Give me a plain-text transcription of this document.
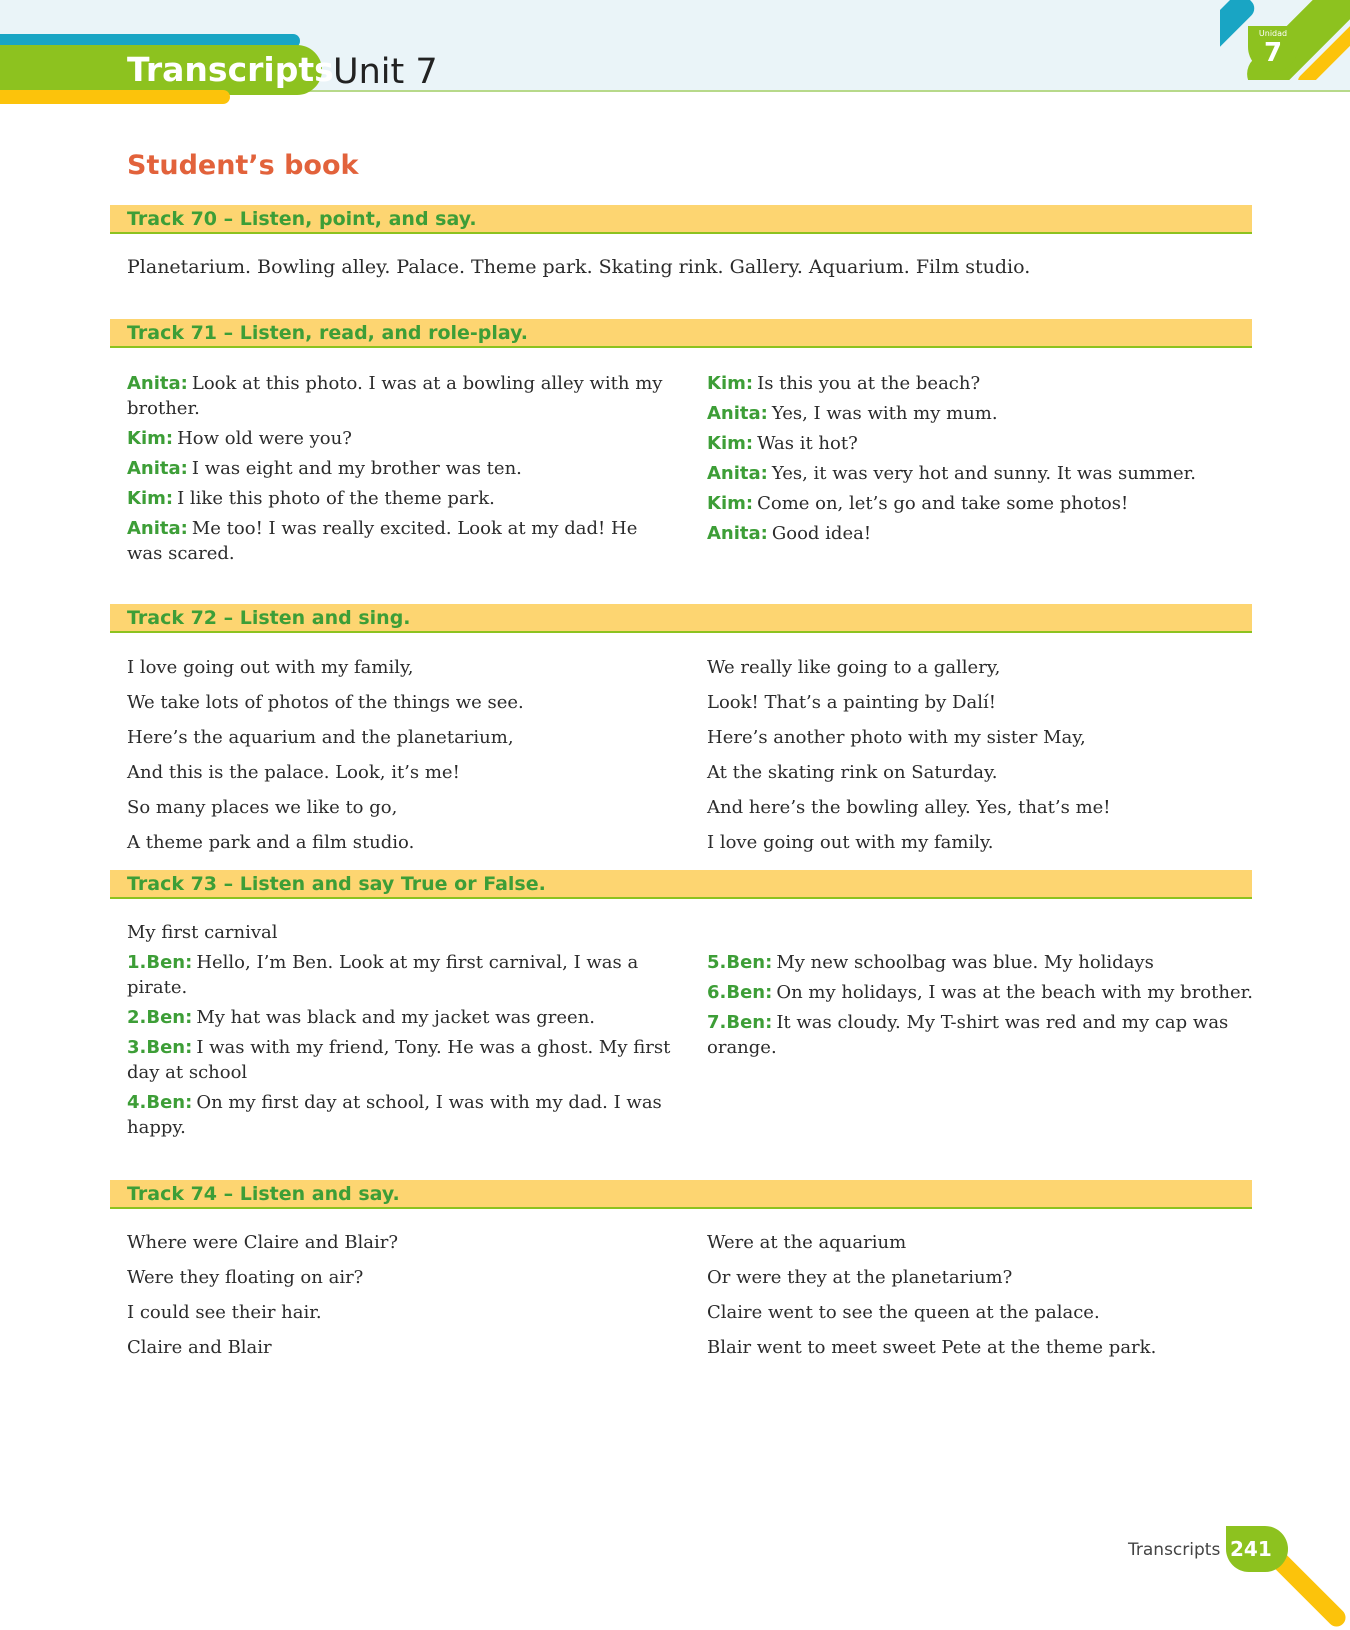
Transcripts Unit 7
Unidad
7
Student’s book
Track 70 – Listen, point, and say.
Planetarium. Bowling alley. Palace. Theme park. Skating rink. Gallery. Aquarium. Film studio.
Track 71 – Listen, read, and role-play.

Anita: Look at this photo. I was at a bowling alley with my brother.

Kim: How old were you?

Anita: I was eight and my brother was ten.

Kim: I like this photo of the theme park.

Anita: Me too! I was really excited. Look at my dad! He was scared.

Kim: Is this you at the beach?

Anita: Yes, I was with my mum.

Kim: Was it hot?

Anita: Yes, it was very hot and sunny. It was summer.

Kim: Come on, let’s go and take some photos!

Anita: Good idea!

Track 72 – Listen and sing.

I love going out with my family,

We take lots of photos of the things we see.

Here’s the aquarium and the planetarium,

And this is the palace. Look, it’s me!

So many places we like to go,

A theme park and a film studio.

We really like going to a gallery,

Look! That’s a painting by Dalí!

Here’s another photo with my sister May,

At the skating rink on Saturday.

And here’s the bowling alley. Yes, that’s me!

I love going out with my family.

Track 73 – Listen and say True or False.

My first carnival

1.Ben: Hello, I’m Ben. Look at my first carnival, I was a pirate.

2.Ben: My hat was black and my jacket was green.

3.Ben: I was with my friend, Tony. He was a ghost. My first day at school

4.Ben: On my first day at school, I was with my dad. I was happy.

5.Ben: My new schoolbag was blue. My holidays

6.Ben: On my holidays, I was at the beach with my brother.

7.Ben: It was cloudy. My T-shirt was red and my cap was orange.

Track 74 – Listen and say.

Where were Claire and Blair?

Were they floating on air?

I could see their hair.

Claire and Blair

Were at the aquarium

Or were they at the planetarium?

Claire went to see the queen at the palace.

Blair went to meet sweet Pete at the theme park.

Transcripts 241
